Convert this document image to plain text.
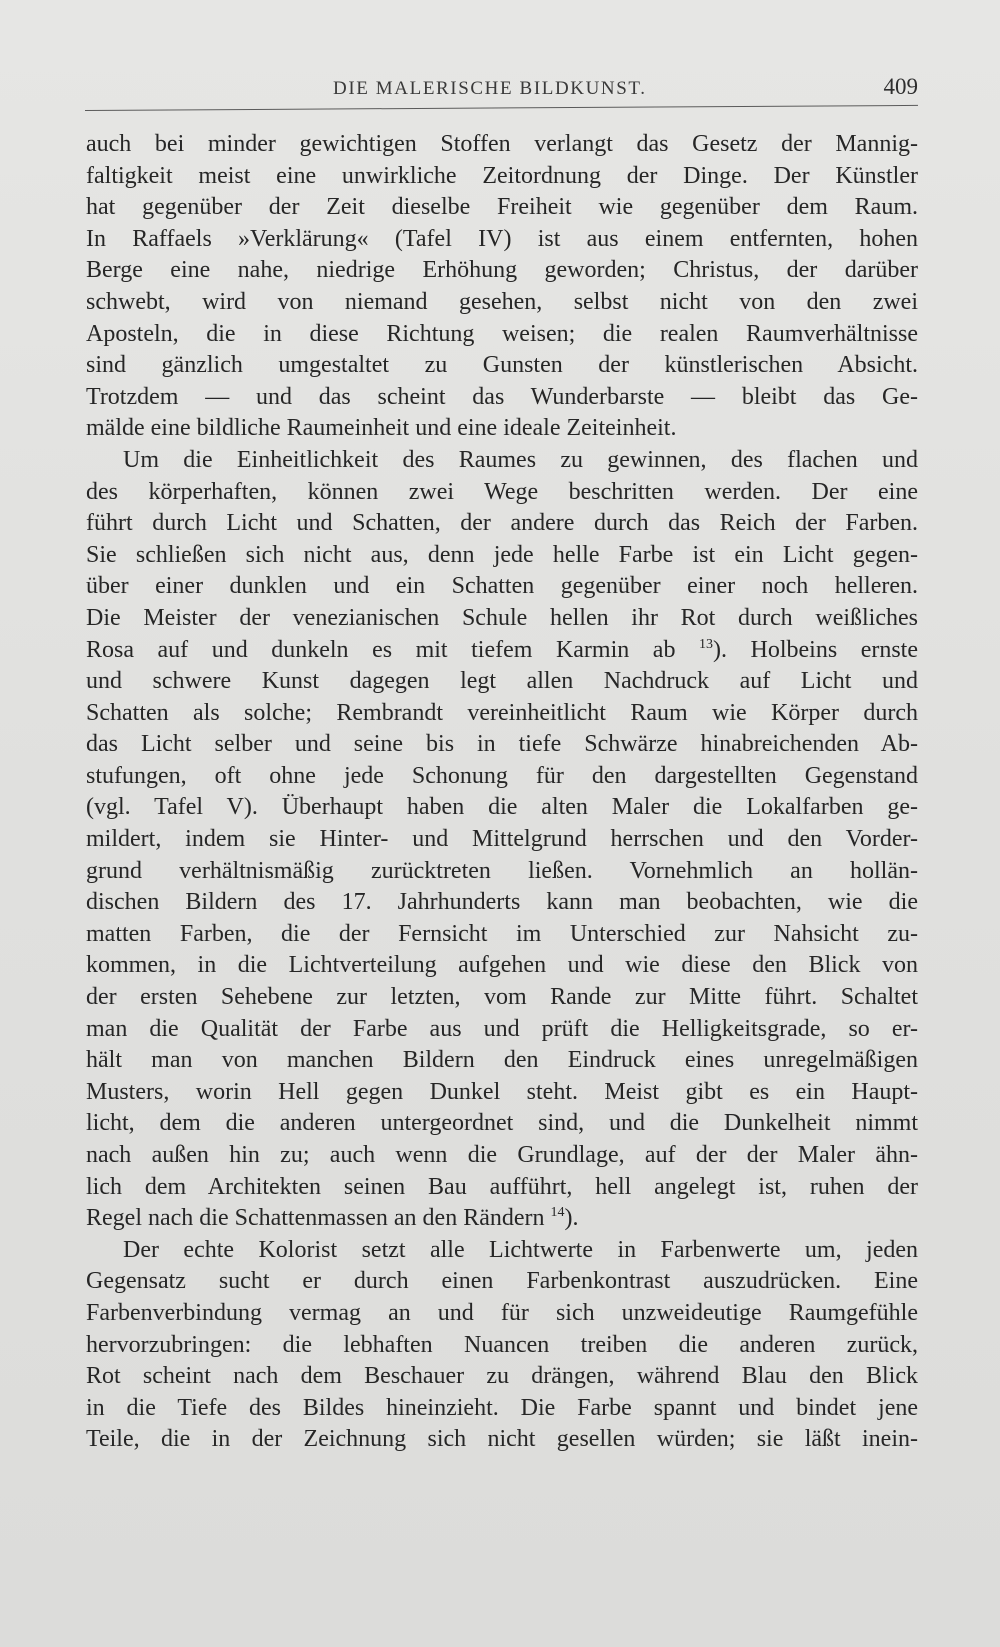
DIE MALERISCHE BILDKUNST.	409
auch bei minder gewichtigen Stoffen verlangt das Gesetz der Mannig-
faltigkeit meist eine unwirkliche Zeitordnung der Dinge. Der Künstler
hat gegenüber der Zeit dieselbe Freiheit wie gegenüber dem Raum.
In Raffaels »Verklärung« (Tafel IV) ist aus einem entfernten, hohen
Berge eine nahe, niedrige Erhöhung geworden; Christus, der darüber
schwebt, wird von niemand gesehen, selbst nicht von den zwei
Aposteln, die in diese Richtung weisen; die realen Raumverhältnisse
sind gänzlich umgestaltet zu Gunsten der künstlerischen Absicht.
Trotzdem — und das scheint das Wunderbarste — bleibt das Ge-
mälde eine bildliche Raumeinheit und eine ideale Zeiteinheit.
Um die Einheitlichkeit des Raumes zu gewinnen, des flachen und
des körperhaften, können zwei Wege beschritten werden. Der eine
führt durch Licht und Schatten, der andere durch das Reich der Farben.
Sie schließen sich nicht aus, denn jede helle Farbe ist ein Licht gegen-
über einer dunklen und ein Schatten gegenüber einer noch helleren.
Die Meister der venezianischen Schule hellen ihr Rot durch weißliches
Rosa auf und dunkeln es mit tiefem Karmin ab $^{13}$). Holbeins ernste
und schwere Kunst dagegen legt allen Nachdruck auf Licht und
Schatten als solche; Rembrandt vereinheitlicht Raum wie Körper durch
das Licht selber und seine bis in tiefe Schwärze hinabreichenden Ab-
stufungen, oft ohne jede Schonung für den dargestellten Gegenstand
(vgl. Tafel V). Überhaupt haben die alten Maler die Lokalfarben ge-
mildert, indem sie Hinter- und Mittelgrund herrschen und den Vorder-
grund verhältnismäßig zurücktreten ließen. Vornehmlich an hollän-
dischen Bildern des 17. Jahrhunderts kann man beobachten, wie die
matten Farben, die der Fernsicht im Unterschied zur Nahsicht zu-
kommen, in die Lichtverteilung aufgehen und wie diese den Blick von
der ersten Sehebene zur letzten, vom Rande zur Mitte führt. Schaltet
man die Qualität der Farbe aus und prüft die Helligkeitsgrade, so er-
hält man von manchen Bildern den Eindruck eines unregelmäßigen
Musters, worin Hell gegen Dunkel steht. Meist gibt es ein Haupt-
licht, dem die anderen untergeordnet sind, und die Dunkelheit nimmt
nach außen hin zu; auch wenn die Grundlage, auf der der Maler ähn-
lich dem Architekten seinen Bau aufführt, hell angelegt ist, ruhen der
Regel nach die Schattenmassen an den Rändern $^{14}$).
Der echte Kolorist setzt alle Lichtwerte in Farbenwerte um, jeden
Gegensatz sucht er durch einen Farbenkontrast auszudrücken. Eine
Farbenverbindung vermag an und für sich unzweideutige Raumgefühle
hervorzubringen: die lebhaften Nuancen treiben die anderen zurück,
Rot scheint nach dem Beschauer zu drängen, während Blau den Blick
in die Tiefe des Bildes hineinzieht. Die Farbe spannt und bindet jene
Teile, die in der Zeichnung sich nicht gesellen würden; sie läßt inein-
